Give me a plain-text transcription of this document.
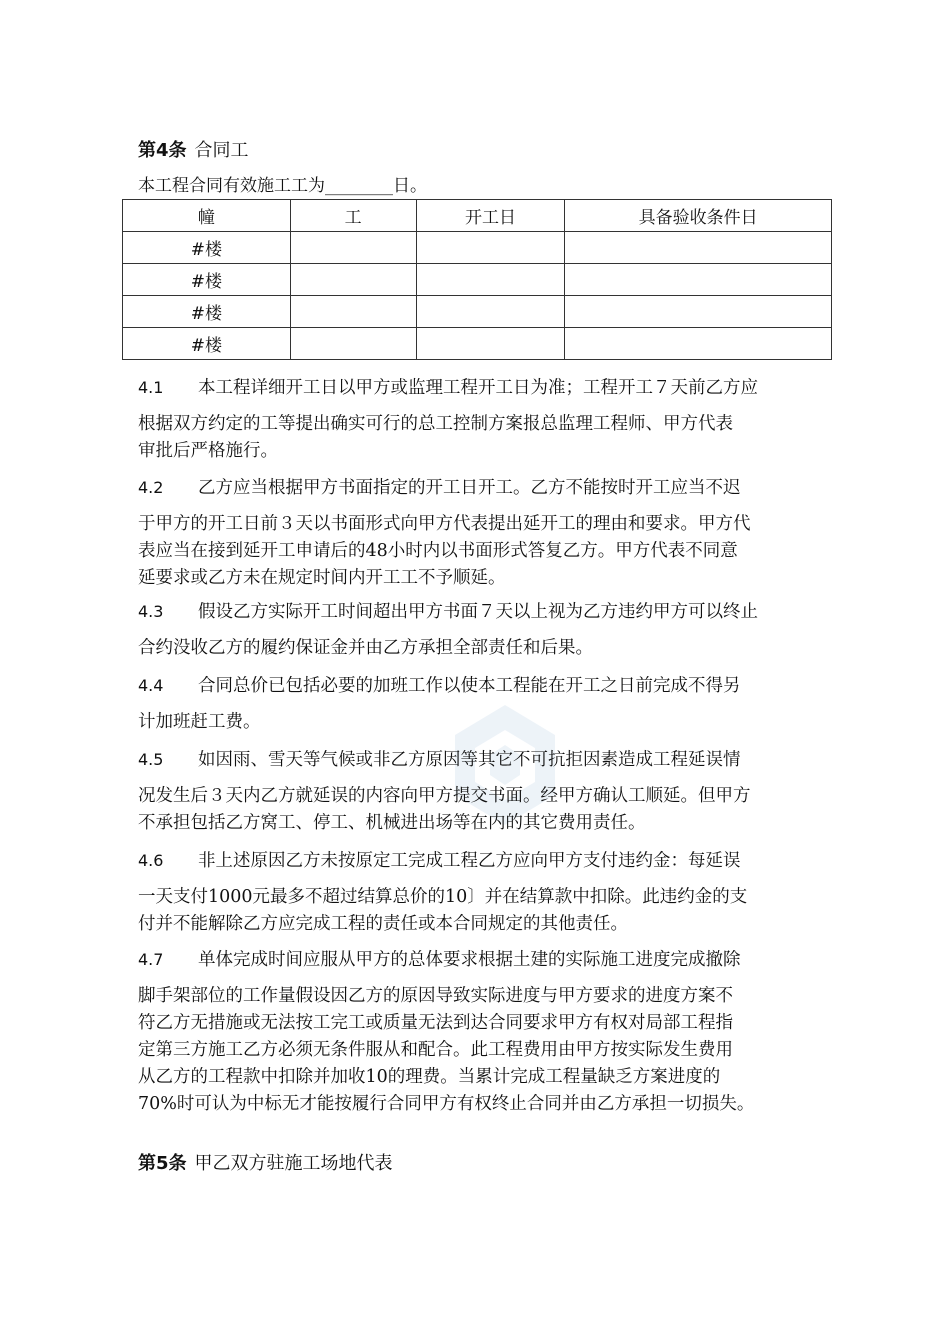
第4条 合同工
本工程合同有效施工工为________日。
幢	工	开工日	具备验收条件日
#楼			
#楼			
#楼			
#楼			
4.1 本工程详细开工日以甲方或监理工程开工日为准；工程开工７天前乙方应
根据双方约定的工等提出确实可行的总工控制方案报总监理工程师、甲方代表
审批后严格施行。
4.2 乙方应当根据甲方书面指定的开工日开工。乙方不能按时开工应当不迟
于甲方的开工日前３天以书面形式向甲方代表提出延开工的理由和要求。甲方代
表应当在接到延开工申请后的48小时内以书面形式答复乙方。甲方代表不同意
延要求或乙方未在规定时间内开工工不予顺延。
4.3 假设乙方实际开工时间超出甲方书面７天以上视为乙方违约甲方可以终止
合约没收乙方的履约保证金并由乙方承担全部责任和后果。
4.4 合同总价已包括必要的加班工作以使本工程能在开工之日前完成不得另
计加班赶工费。
4.5 如因雨、雪天等气候或非乙方原因等其它不可抗拒因素造成工程延误情
况发生后３天内乙方就延误的内容向甲方提交书面。经甲方确认工顺延。但甲方
不承担包括乙方窝工、停工、机械进出场等在内的其它费用责任。
4.6 非上述原因乙方未按原定工完成工程乙方应向甲方支付违约金：每延误
一天支付1000元最多不超过结算总价的10〕并在结算款中扣除。此违约金的支
付并不能解除乙方应完成工程的责任或本合同规定的其他责任。
4.7 单体完成时间应服从甲方的总体要求根据土建的实际施工进度完成撤除
脚手架部位的工作量假设因乙方的原因导致实际进度与甲方要求的进度方案不
符乙方无措施或无法按工完工或质量无法到达合同要求甲方有权对局部工程指
定第三方施工乙方必须无条件服从和配合。此工程费用由甲方按实际发生费用
从乙方的工程款中扣除并加收10的理费。当累计完成工程量缺乏方案进度的
70%时可认为中标无才能按履行合同甲方有权终止合同并由乙方承担一切损失。
第5条 甲乙双方驻施工场地代表
